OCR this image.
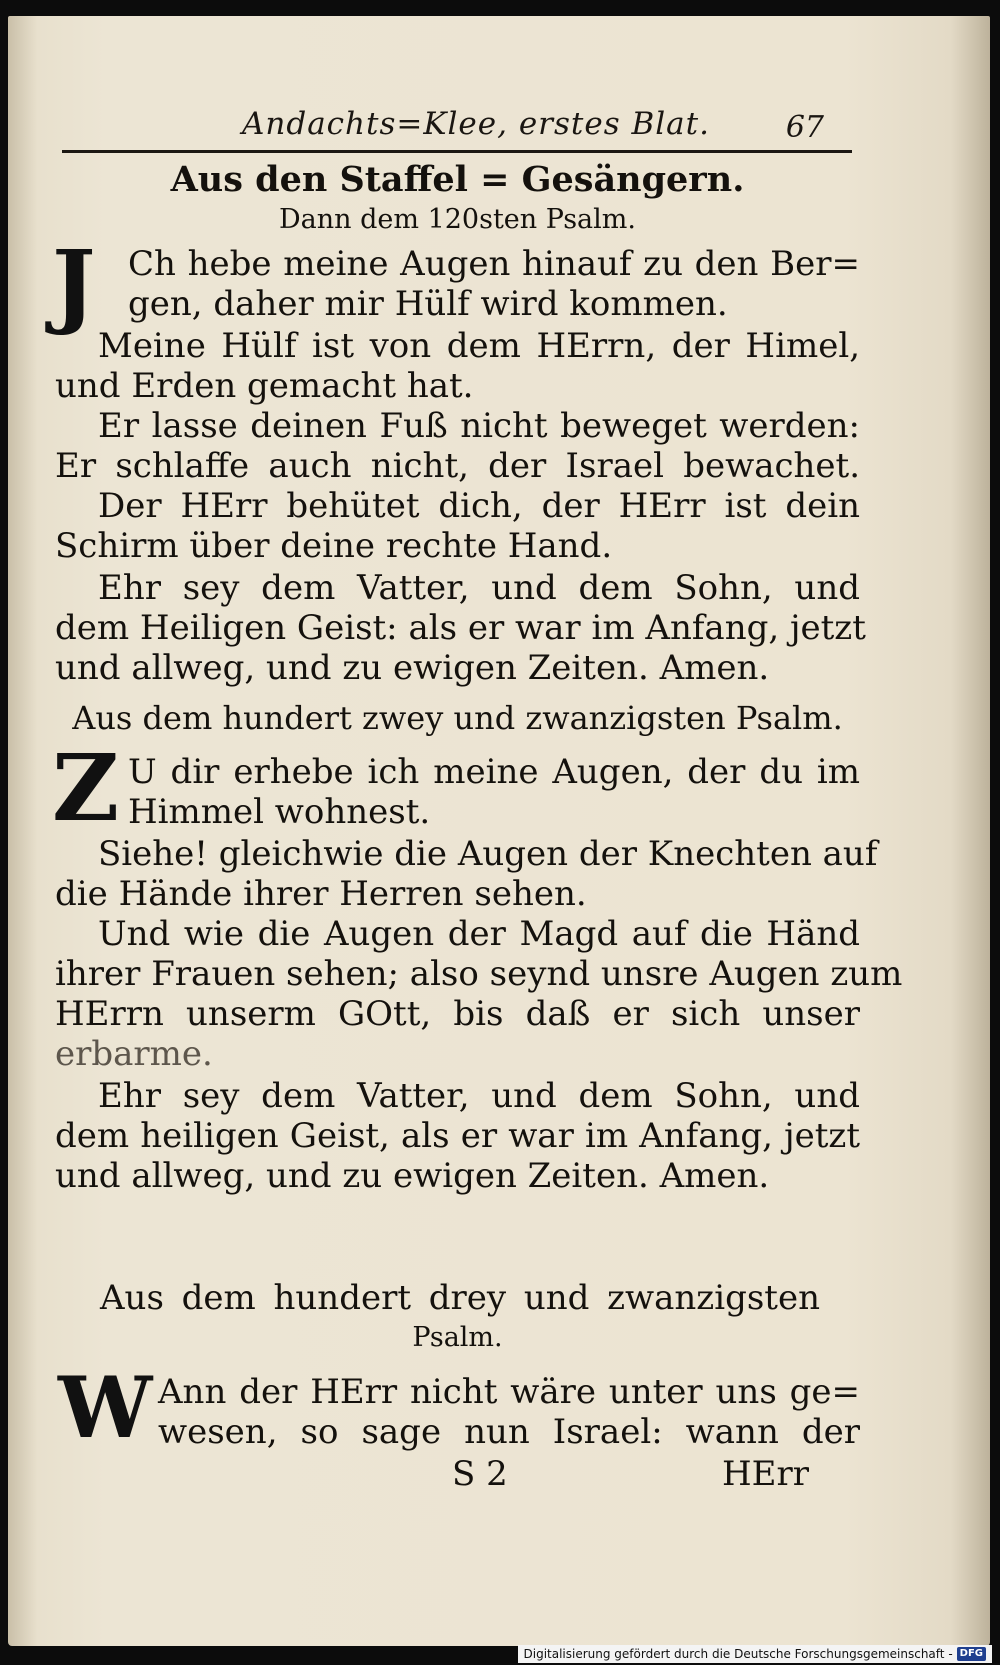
Andachts=Klee, erstes Blat.	67
Aus den Staffel = Gesängern.
Dann dem 120sten Psalm.
J Ch hebe meine Augen hinauf zu den Ber=
gen, daher mir Hülf wird kommen.
Meine Hülf ist von dem HErrn, der Himel,
und Erden gemacht hat.
Er lasse deinen Fuß nicht beweget werden:
Er schlaffe auch nicht, der Israel bewachet.
Der HErr behütet dich, der HErr ist dein
Schirm über deine rechte Hand.
Ehr sey dem Vatter, und dem Sohn, und
dem Heiligen Geist: als er war im Anfang, jetzt
und allweg, und zu ewigen Zeiten. Amen.
Aus dem hundert zwey und zwanzigsten Psalm.
Z U dir erhebe ich meine Augen, der du im
Himmel wohnest.
Siehe! gleichwie die Augen der Knechten auf
die Hände ihrer Herren sehen.
Und wie die Augen der Magd auf die Händ
ihrer Frauen sehen; also seynd unsre Augen zum
HErrn unserm GOtt, bis daß er sich unser
erbarme.
Ehr sey dem Vatter, und dem Sohn, und
dem heiligen Geist, als er war im Anfang, jetzt
und allweg, und zu ewigen Zeiten. Amen.
Aus dem hundert drey und zwanzigsten
Psalm.
W Ann der HErr nicht wäre unter uns ge=
wesen, so sage nun Israel: wann der
S 2	HErr
Digitalisierung gefördert durch die Deutsche Forschungsgemeinschaft - DFG
